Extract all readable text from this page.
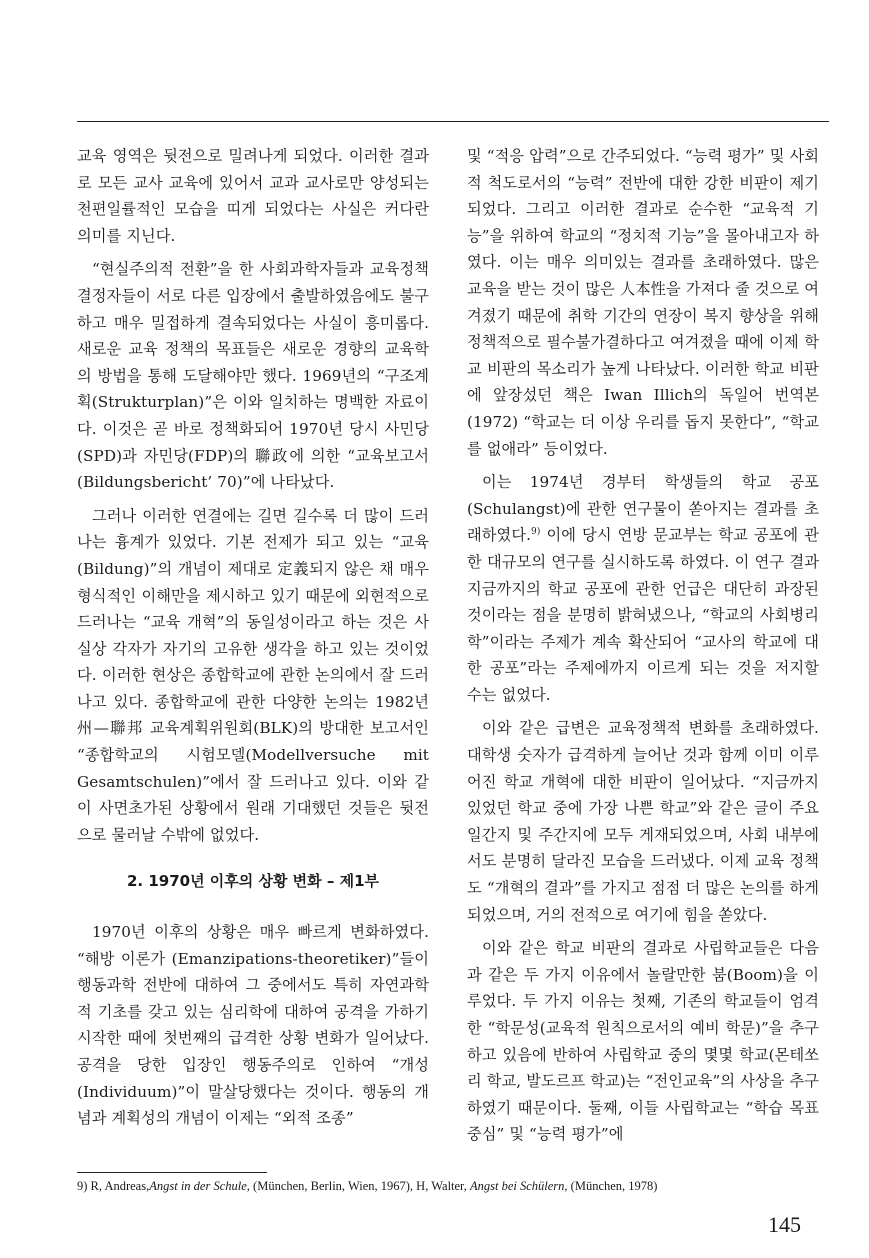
교육 영역은 뒷전으로 밀려나게 되었다. 이러한 결과로 모든 교사 교육에 있어서 교과 교사로만 양성되는 천편일률적인 모습을 띠게 되었다는 사실은 커다란 의미를 지닌다.

“현실주의적 전환”을 한 사회과학자들과 교육정책 결정자들이 서로 다른 입장에서 출발하였음에도 불구하고 매우 밀접하게 결속되었다는 사실이 흥미롭다. 새로운 교육 정책의 목표들은 새로운 경향의 교육학의 방법을 통해 도달해야만 했다. 1969년의 “구조계획(Strukturplan)”은 이와 일치하는 명백한 자료이다. 이것은 곧 바로 정책화되어 1970년 당시 사민당(SPD)과 자민당(FDP)의 聯政에 의한 “교육보고서(Bildungsbericht’ 70)”에 나타났다.

그러나 이러한 연결에는 길면 길수록 더 많이 드러나는 흉계가 있었다. 기본 전제가 되고 있는 “교육(Bildung)”의 개념이 제대로 定義되지 않은 채 매우 형식적인 이해만을 제시하고 있기 때문에 외현적으로 드러나는 “교육 개혁”의 동일성이라고 하는 것은 사실상 각자가 자기의 고유한 생각을 하고 있는 것이었다. 이러한 현상은 종합학교에 관한 논의에서 잘 드러나고 있다. 종합학교에 관한 다양한 논의는 1982년 州—聯邦 교육계획위원회(BLK)의 방대한 보고서인 “종합학교의 시험모델(Modellversuche mit Gesamtschulen)”에서 잘 드러나고 있다. 이와 같이 사면초가된 상황에서 원래 기대했던 것들은 뒷전으로 물러날 수밖에 없었다.

2. 1970년 이후의 상황 변화 – 제1부

1970년 이후의 상황은 매우 빠르게 변화하였다. “해방 이론가 (Emanzipations-theoretiker)”들이 행동과학 전반에 대하여 그 중에서도 특히 자연과학적 기초를 갖고 있는 심리학에 대하여 공격을 가하기 시작한 때에 첫번째의 급격한 상황 변화가 일어났다. 공격을 당한 입장인 행동주의로 인하여 “개성(Individuum)”이 말살당했다는 것이다. 행동의 개념과 계획성의 개념이 이제는 “외적 조종”

및 “적응 압력”으로 간주되었다. “능력 평가” 및 사회적 척도로서의 “능력” 전반에 대한 강한 비판이 제기되었다. 그리고 이러한 결과로 순수한 “교육적 기능”을 위하여 학교의 “정치적 기능”을 몰아내고자 하였다. 이는 매우 의미있는 결과를 초래하였다. 많은 교육을 받는 것이 많은 人本性을 가져다 줄 것으로 여겨졌기 때문에 취학 기간의 연장이 복지 향상을 위해 정책적으로 필수불가결하다고 여겨졌을 때에 이제 학교 비판의 목소리가 높게 나타났다. 이러한 학교 비판에 앞장섰던 책은 Iwan Illich의 독일어 번역본(1972) “학교는 더 이상 우리를 돕지 못한다”, “학교를 없애라” 등이었다.

이는 1974년 경부터 학생들의 학교 공포(Schulangst)에 관한 연구물이 쏟아지는 결과를 초래하였다.$^{9)}$ 이에 당시 연방 문교부는 학교 공포에 관한 대규모의 연구를 실시하도록 하였다. 이 연구 결과 지금까지의 학교 공포에 관한 언급은 대단히 과장된 것이라는 점을 분명히 밝혀냈으나, “학교의 사회병리학”이라는 주제가 계속 확산되어 “교사의 학교에 대한 공포”라는 주제에까지 이르게 되는 것을 저지할 수는 없었다.

이와 같은 급변은 교육정책적 변화를 초래하였다. 대학생 숫자가 급격하게 늘어난 것과 함께 이미 이루어진 학교 개혁에 대한 비판이 일어났다. “지금까지 있었던 학교 중에 가장 나쁜 학교”와 같은 글이 주요 일간지 및 주간지에 모두 게재되었으며, 사회 내부에서도 분명히 달라진 모습을 드러냈다. 이제 교육 정책도 “개혁의 결과”를 가지고 점점 더 많은 논의를 하게 되었으며, 거의 전적으로 여기에 힘을 쏟았다.

이와 같은 학교 비판의 결과로 사립학교들은 다음과 같은 두 가지 이유에서 놀랄만한 붐(Boom)을 이루었다. 두 가지 이유는 첫째, 기존의 학교들이 엄격한 “학문성(교육적 원칙으로서의 예비 학문)”을 추구하고 있음에 반하여 사립학교 중의 몇몇 학교(몬테쏘리 학교, 발도르프 학교)는 “전인교육”의 사상을 추구하였기 때문이다. 둘째, 이들 사립학교는 “학습 목표 중심” 및 “능력 평가”에

9) R, Andreas,Angst in der Schule, (München, Berlin, Wien, 1967), H, Walter, Angst bei Schülern, (München, 1978)
145
